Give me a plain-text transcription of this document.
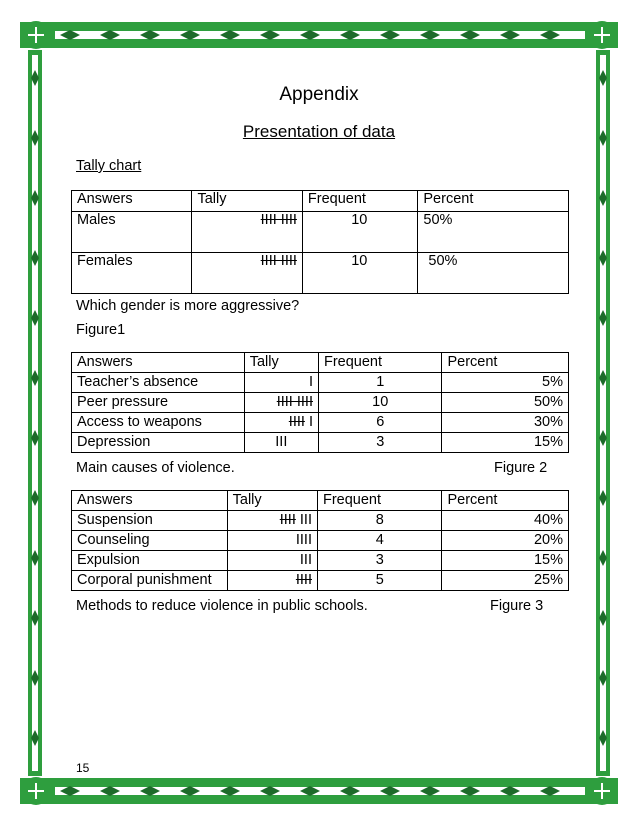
Appendix
Presentation of data
Tally chart
Answers	Tally	Frequent	Percent
Males	IIII IIII	10	50%
Females	IIII IIII	10	50%
Which gender is more aggressive?
Figure1
Answers	Tally	Frequent	Percent
Teacher’s absence	I	1	5%
Peer pressure	IIII IIII	10	50%
Access to weapons	IIII I	6	30%
Depression	III	3	15%
Main causes of violence.	Figure 2
Answers	Tally	Frequent	Percent
Suspension	IIII III	8	40%
Counseling	IIII	4	20%
Expulsion	III	3	15%
Corporal punishment	IIII	5	25%
Methods to reduce violence in public schools.	Figure 3
15
